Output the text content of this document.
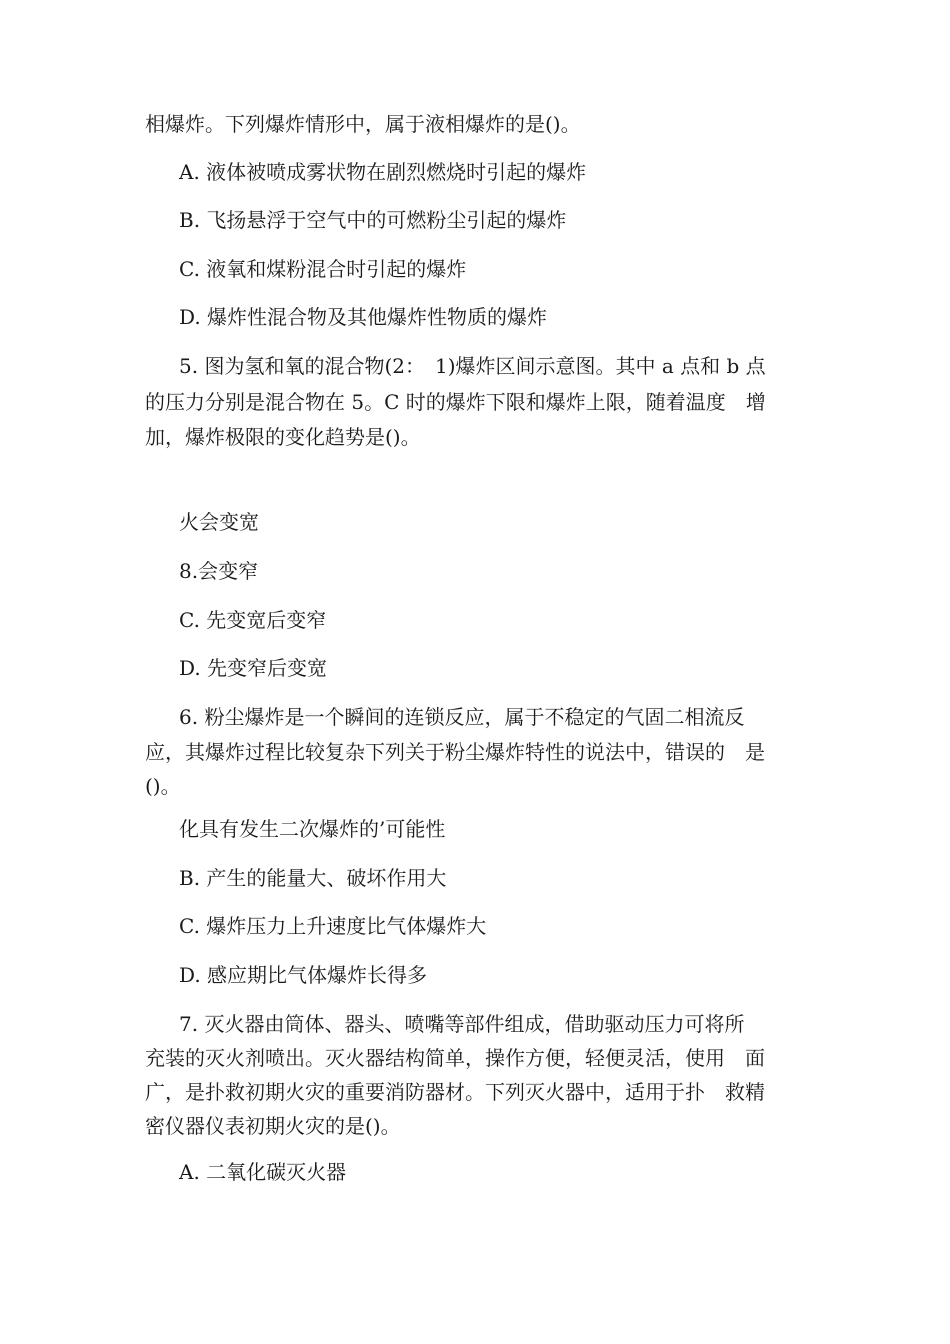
相爆炸。下列爆炸情形中，属于液相爆炸的是()。

A. 液体被喷成雾状物在剧烈燃烧时引起的爆炸

B. 飞扬悬浮于空气中的可燃粉尘引起的爆炸

C. 液氧和煤粉混合时引起的爆炸

D. 爆炸性混合物及其他爆炸性物质的爆炸

5. 图为氢和氧的混合物(2：　1)爆炸区间示意图。其中 a 点和 b 点

的压力分别是混合物在 5。C 时的爆炸下限和爆炸上限，随着温度　增

加，爆炸极限的变化趋势是()。

火会变宽

8.会变窄

C. 先变宽后变窄

D. 先变窄后变宽

6. 粉尘爆炸是一个瞬间的连锁反应，属于不稳定的气固二相流反

应，其爆炸过程比较复杂下列关于粉尘爆炸特性的说法中，错误的　是

()。

化具有发生二次爆炸的’可能性

B. 产生的能量大、破坏作用大

C. 爆炸压力上升速度比气体爆炸大

D. 感应期比气体爆炸长得多

7. 灭火器由筒体、器头、喷嘴等部件组成，借助驱动压力可将所

充装的灭火剂喷出。灭火器结构简单，操作方便，轻便灵活，使用　面

广，是扑救初期火灾的重要消防器材。下列灭火器中，适用于扑　救精

密仪器仪表初期火灾的是()。

A. 二氧化碳灭火器
